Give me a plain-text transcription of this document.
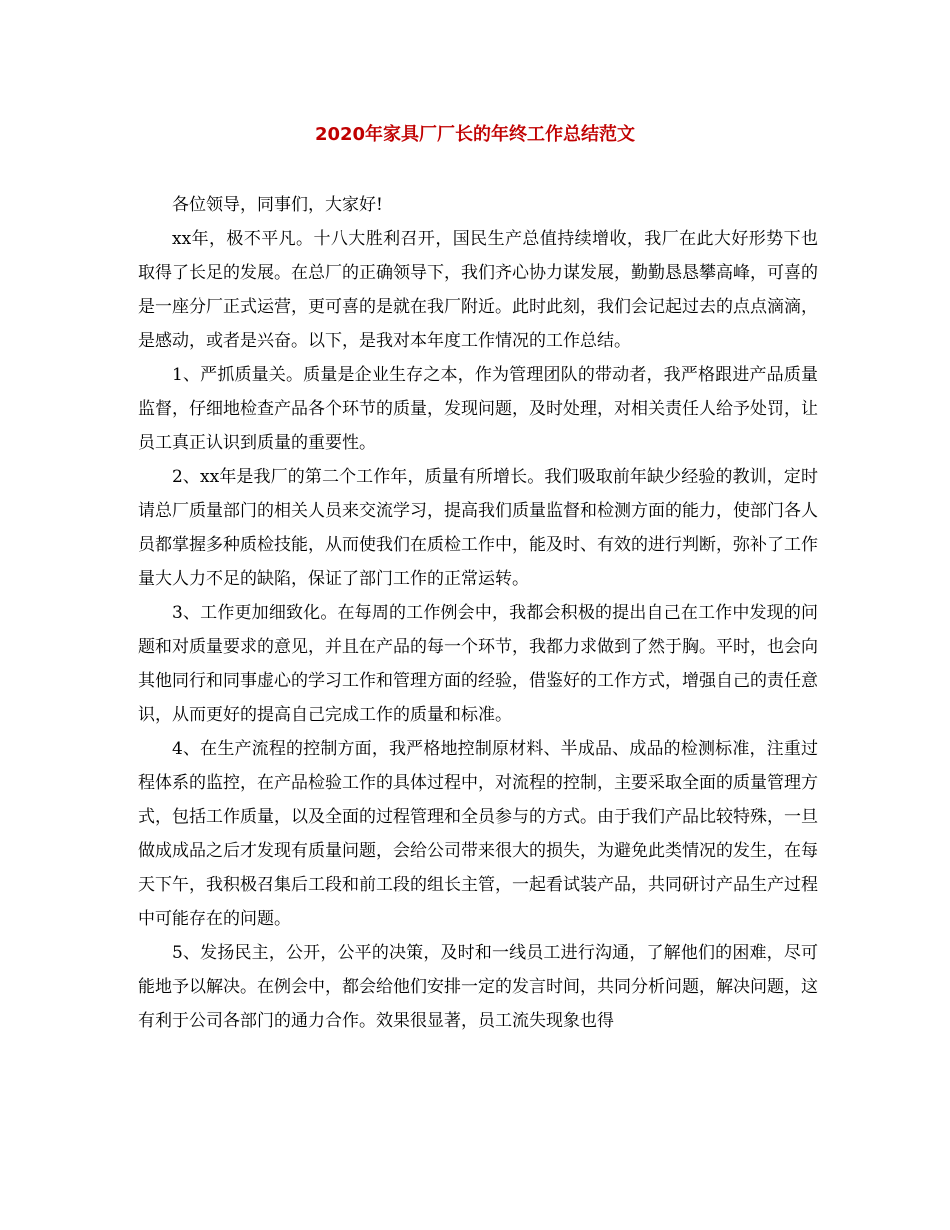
2020年家具厂厂长的年终工作总结范文

各位领导，同事们，大家好!

xx年，极不平凡。十八大胜利召开，国民生产总值持续增收，我厂在此大好形势下也取得了长足的发展。在总厂的正确领导下，我们齐心协力谋发展，勤勤恳恳攀高峰，可喜的是一座分厂正式运营，更可喜的是就在我厂附近。此时此刻，我们会记起过去的点点滴滴，是感动，或者是兴奋。以下，是我对本年度工作情况的工作总结。

1、严抓质量关。质量是企业生存之本，作为管理团队的带动者，我严格跟进产品质量监督，仔细地检查产品各个环节的质量，发现问题，及时处理，对相关责任人给予处罚，让员工真正认识到质量的重要性。

2、xx年是我厂的第二个工作年，质量有所增长。我们吸取前年缺少经验的教训，定时请总厂质量部门的相关人员来交流学习，提高我们质量监督和检测方面的能力，使部门各人员都掌握多种质检技能，从而使我们在质检工作中，能及时、有效的进行判断，弥补了工作量大人力不足的缺陷，保证了部门工作的正常运转。

3、工作更加细致化。在每周的工作例会中，我都会积极的提出自己在工作中发现的问题和对质量要求的意见，并且在产品的每一个环节，我都力求做到了然于胸。平时，也会向其他同行和同事虚心的学习工作和管理方面的经验，借鉴好的工作方式，增强自己的责任意识，从而更好的提高自己完成工作的质量和标准。

4、在生产流程的控制方面，我严格地控制原材料、半成品、成品的检测标准，注重过程体系的监控，在产品检验工作的具体过程中，对流程的控制，主要采取全面的质量管理方式，包括工作质量，以及全面的过程管理和全员参与的方式。由于我们产品比较特殊，一旦做成成品之后才发现有质量问题，会给公司带来很大的损失，为避免此类情况的发生，在每天下午，我积极召集后工段和前工段的组长主管，一起看试装产品，共同研讨产品生产过程中可能存在的问题。

5、发扬民主，公开，公平的决策，及时和一线员工进行沟通，了解他们的困难，尽可能地予以解决。在例会中，都会给他们安排一定的发言时间，共同分析问题，解决问题，这有利于公司各部门的通力合作。效果很显著，员工流失现象也得
